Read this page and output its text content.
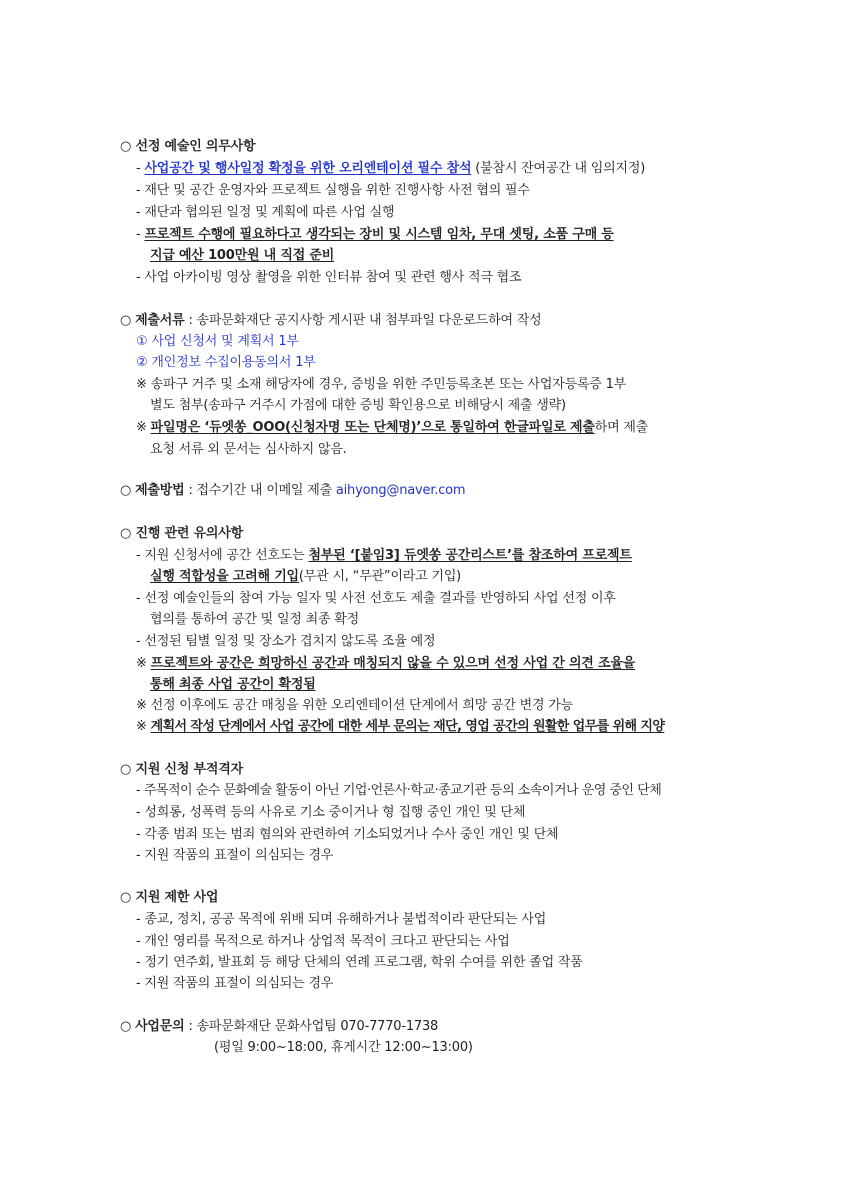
○ 선정 예술인 의무사항
- 사업공간 및 행사일정 확정을 위한 오리엔테이션 필수 참석 (불참시 잔여공간 내 임의지정)
- 재단 및 공간 운영자와 프로젝트 실행을 위한 진행사항 사전 협의 필수
- 재단과 협의된 일정 및 계획에 따른 사업 실행
- 프로젝트 수행에 필요하다고 생각되는 장비 및 시스템 임차, 무대 셋팅, 소품 구매 등
지급 예산 100만원 내 직접 준비
- 사업 아카이빙 영상 촬영을 위한 인터뷰 참여 및 관련 행사 적극 협조
○ 제출서류 : 송파문화재단 공지사항 게시판 내 첨부파일 다운로드하여 작성
① 사업 신청서 및 계획서 1부
② 개인정보 수집이용동의서 1부
※ 송파구 거주 및 소재 해당자에 경우, 증빙을 위한 주민등록초본 또는 사업자등록증 1부
별도 첨부(송파구 거주시 가점에 대한 증빙 확인용으로 비해당시 제출 생략)
※ 파일명은 ‘듀엣쏭_OOO(신청자명 또는 단체명)’으로 통일하여 한글파일로 제출하며 제출
요청 서류 외 문서는 심사하지 않음.
○ 제출방법 : 접수기간 내 이메일 제출 aihyong@naver.com
○ 진행 관련 유의사항
- 지원 신청서에 공간 선호도는 첨부된 ‘[붙임3] 듀엣쏭 공간리스트’를 참조하여 프로젝트
실행 적합성을 고려해 기입(무관 시, “무관”이라고 기입)
- 선정 예술인들의 참여 가능 일자 및 사전 선호도 제출 결과를 반영하되 사업 선정 이후
협의를 통하여 공간 및 일정 최종 확정
- 선정된 팀별 일정 및 장소가 겹치지 않도록 조율 예정
※ 프로젝트와 공간은 희망하신 공간과 매칭되지 않을 수 있으며 선정 사업 간 의견 조율을
통해 최종 사업 공간이 확정됨
※ 선정 이후에도 공간 매칭을 위한 오리엔테이션 단계에서 희망 공간 변경 가능
※ 계획서 작성 단계에서 사업 공간에 대한 세부 문의는 재단, 영업 공간의 원활한 업무를 위해 지양
○ 지원 신청 부적격자
- 주목적이 순수 문화예술 활동이 아닌 기업·언론사·학교·종교기관 등의 소속이거나 운영 중인 단체
- 성희롱, 성폭력 등의 사유로 기소 중이거나 형 집행 중인 개인 및 단체
- 각종 범죄 또는 범죄 혐의와 관련하여 기소되었거나 수사 중인 개인 및 단체
- 지원 작품의 표절이 의심되는 경우
○ 지원 제한 사업
- 종교, 정치, 공공 목적에 위배 되며 유해하거나 불법적이라 판단되는 사업
- 개인 영리를 목적으로 하거나 상업적 목적이 크다고 판단되는 사업
- 정기 연주회, 발표회 등 해당 단체의 연례 프로그램, 학위 수여를 위한 졸업 작품
- 지원 작품의 표절이 의심되는 경우
○ 사업문의 : 송파문화재단 문화사업팀 070-7770-1738
(평일 9:00~18:00, 휴게시간 12:00~13:00)
